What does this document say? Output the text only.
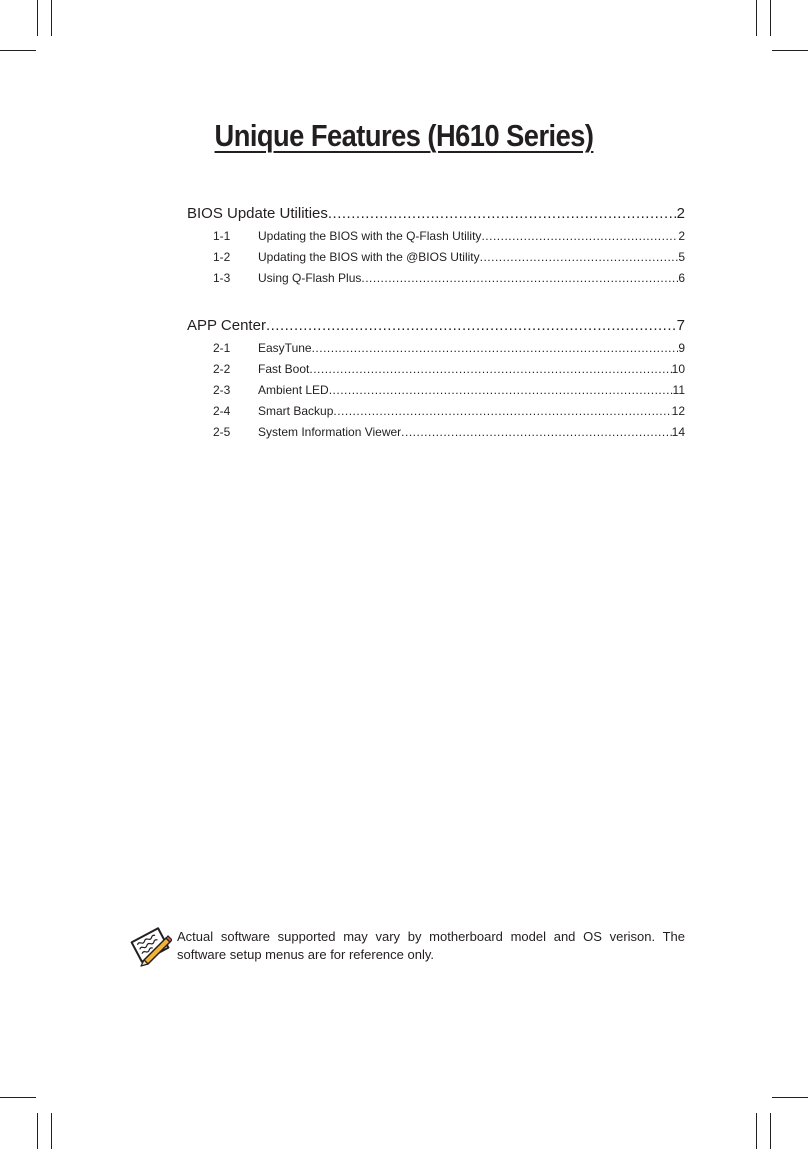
Unique Features (H610 Series)
BIOS Update Utilities .....	2
1-1	Updating the BIOS with the Q-Flash Utility .....	2
1-2	Updating the BIOS with the @BIOS Utility .....	5
1-3	Using Q-Flash Plus .....	6
APP Center .....	7
2-1	EasyTune .....	9
2-2	Fast Boot .....	10
2-3	Ambient LED .....	11
2-4	Smart Backup .....	12
2-5	System Information Viewer .....	14
Actual software supported may vary by motherboard model and OS verison. The software setup menus are for reference only.
